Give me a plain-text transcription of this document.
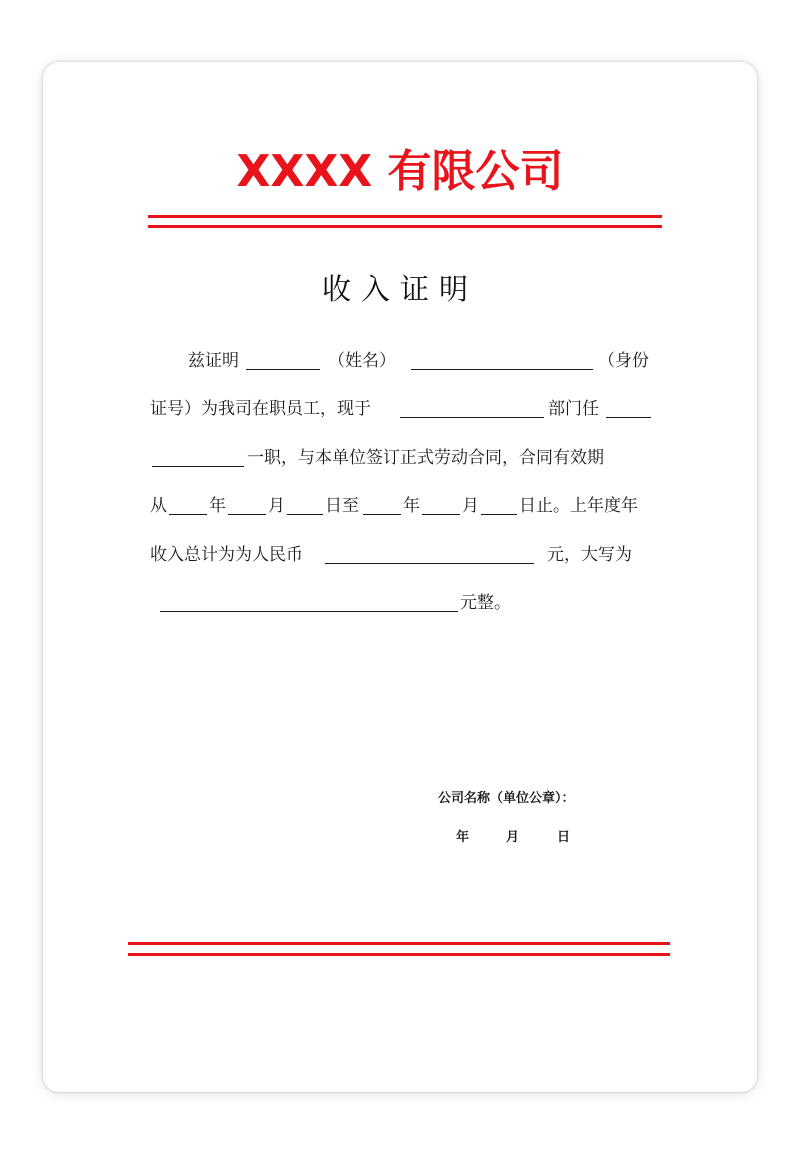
XXXX 有限公司
收入证明
兹证明	（姓名）	（身份
证号）为我司在职员工，现于	部门任
一职，与本单位签订正式劳动合同，合同有效期
从 年 月 日至	年 月 日止。上年度年
收入总计为为人民币	元，大写为
元整。
公司名称（单位公章）：
年	月	日
